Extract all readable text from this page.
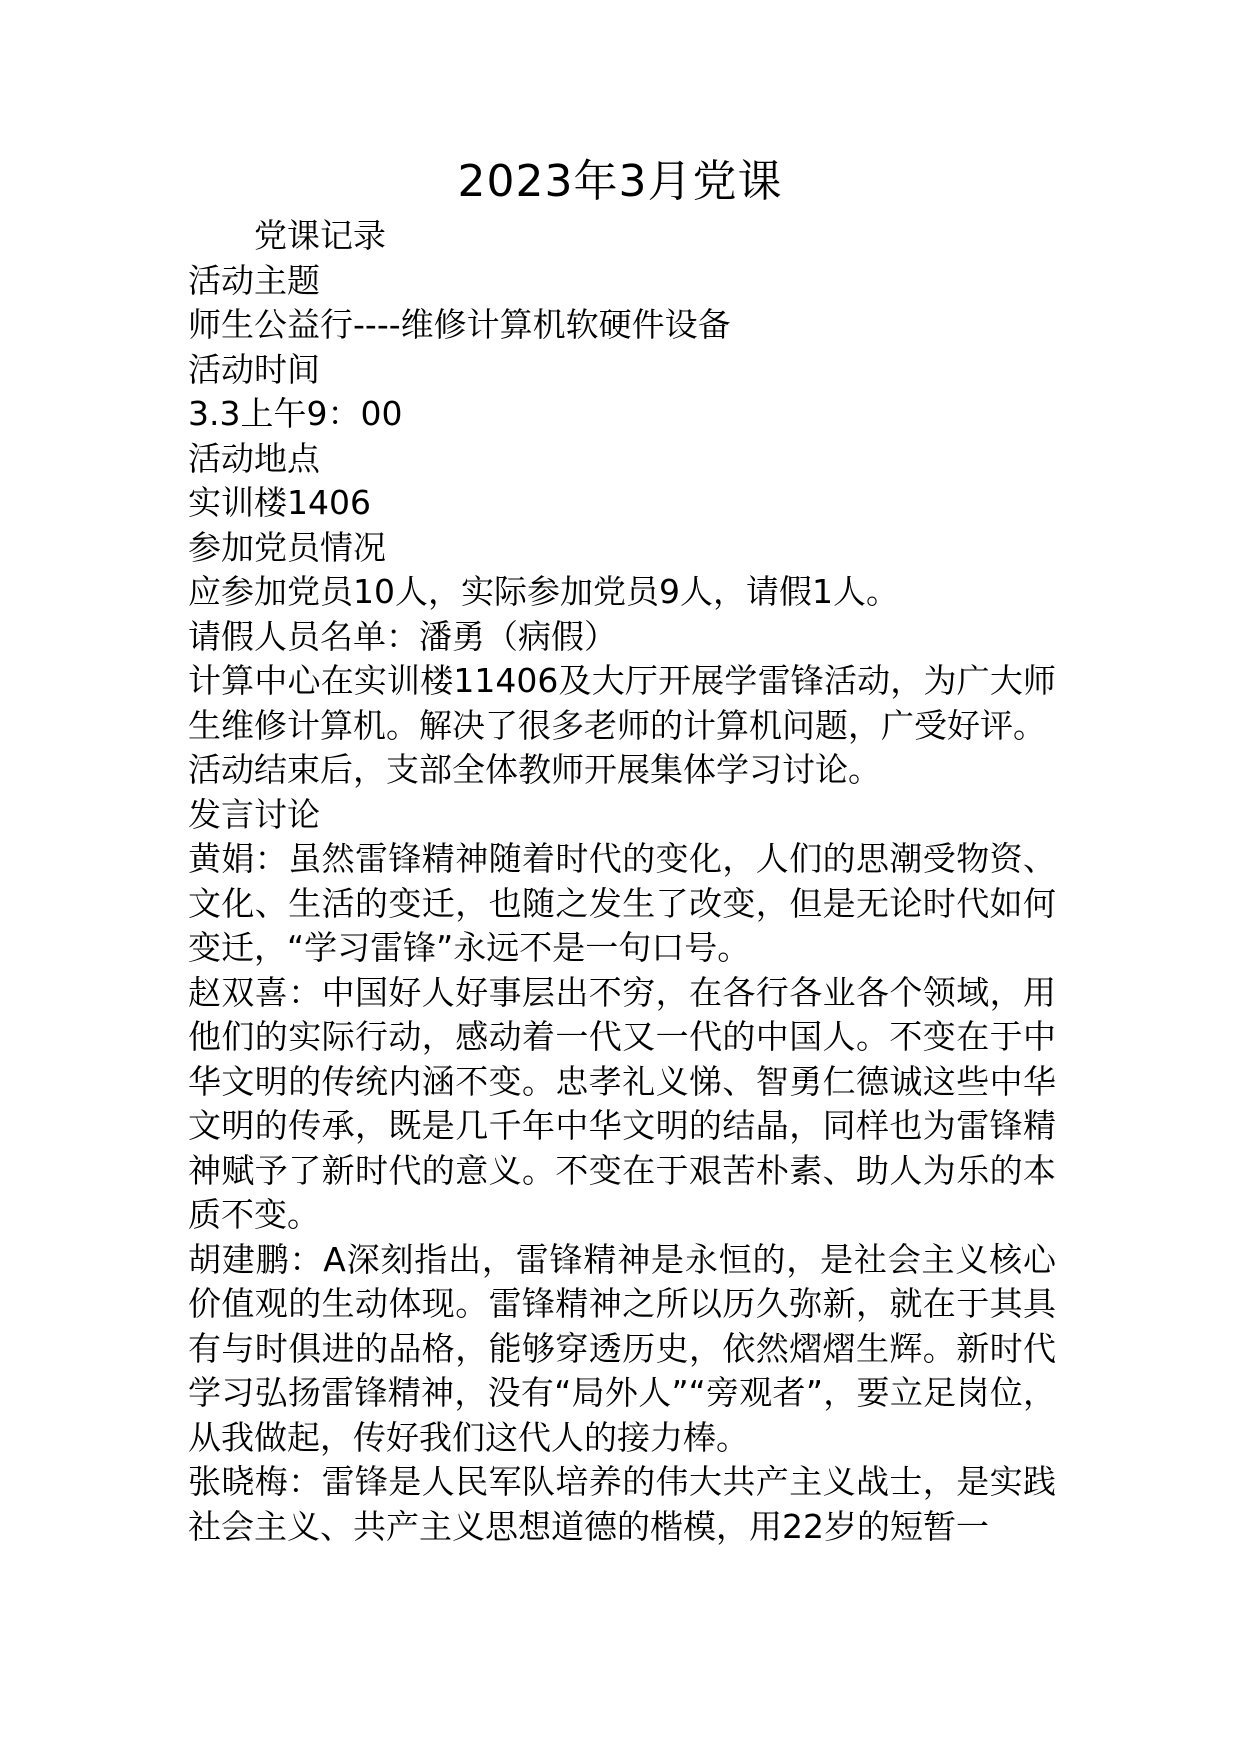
2023年3月党课

党课记录

活动主题

师生公益行----维修计算机软硬件设备

活动时间

3.3上午9：00

活动地点

实训楼1406

参加党员情况

应参加党员10人，实际参加党员9人，请假1人。

请假人员名单：潘勇（病假）

计算中心在实训楼11406及大厅开展学雷锋活动，为广大师生维修计算机。解决了很多老师的计算机问题，广受好评。

活动结束后，支部全体教师开展集体学习讨论。

发言讨论

黄娟：虽然雷锋精神随着时代的变化，人们的思潮受物资、文化、生活的变迁，也随之发生了改变，但是无论时代如何变迁，“学习雷锋”永远不是一句口号。

赵双喜：中国好人好事层出不穷，在各行各业各个领域，用他们的实际行动，感动着一代又一代的中国人。不变在于中华文明的传统内涵不变。忠孝礼义悌、智勇仁德诚这些中华文明的传承，既是几千年中华文明的结晶，同样也为雷锋精神赋予了新时代的意义。不变在于艰苦朴素、助人为乐的本质不变。

胡建鹏：A深刻指出，雷锋精神是永恒的，是社会主义核心价值观的生动体现。雷锋精神之所以历久弥新，就在于其具有与时俱进的品格，能够穿透历史，依然熠熠生辉。新时代学习弘扬雷锋精神，没有“局外人”“旁观者”，要立足岗位，从我做起，传好我们这代人的接力棒。

张晓梅：雷锋是人民军队培养的伟大共产主义战士，是实践社会主义、共产主义思想道德的楷模，用22岁的短暂一
